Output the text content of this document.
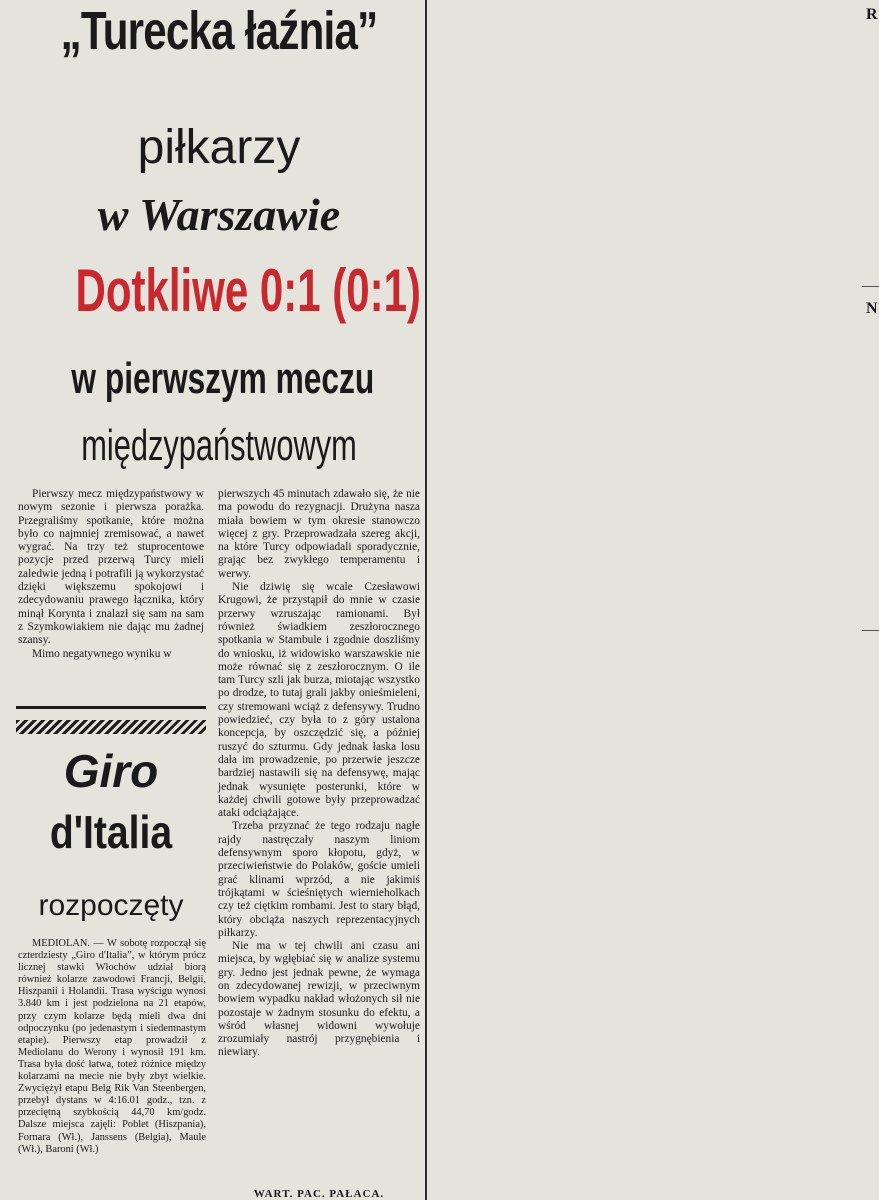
„Turecka łaźnia”
piłkarzy
w Warszawie
Dotkliwe 0:1 (0:1)
w pierwszym meczu
międzypaństwowym

Pierwszy mecz międzypaństwowy w nowym sezonie i pierwsza porażka. Przegraliśmy spotkanie, które można było co najmniej zremisować, a nawet wygrać. Na trzy też stuprocentowe pozycje przed przerwą Turcy mieli zaledwie jedną i potrafili ją wykorzystać dzięki większemu spokojowi i zdecydowaniu prawego łącznika, który minął Korynta i znalazł się sam na sam z Szymkowiakiem nie dając mu żadnej szansy.

Mimo negatywnego wyniku w

pierwszych 45 minutach zdawało się, że nie ma powodu do rezygnacji. Drużyna nasza miała bowiem w tym okresie stanowczo więcej z gry. Przeprowadzała szereg akcji, na które Turcy odpowiadali sporadycznie, grając bez zwykłego temperamentu i werwy.

Nie dziwię się wcale Czesławowi Krugowi, że przystąpił do mnie w czasie przerwy wzruszając ramionami. Był również świadkiem zeszłorocznego spotkania w Stambule i zgodnie doszliśmy do wniosku, iż widowisko warszawskie nie może równać się z zeszłorocznym. O ile tam Turcy szli jak burza, miotając wszystko po drodze, to tutaj grali jakby onieśmieleni, czy stremowani wciąż z defensywy. Trudno powiedzieć, czy była to z góry ustalona koncepcja, by oszczędzić się, a później ruszyć do szturmu. Gdy jednak łaska losu dała im prowadzenie, po przerwie jeszcze bardziej nastawili się na defensywę, mając jednak wysunięte posterunki, które w każdej chwili gotowe były przeprowadzać ataki odciążające.

Trzeba przyznać że tego rodzaju nagłe rajdy nastręczały naszym liniom defensywnym sporo kłopotu, gdyż, w przeciwieństwie do Polaków, goście umieli grać klinami wprzód, a nie jakimiś trójkątami w ścieśniętych wiernieholkach czy też ciętkim rombami. Jest to stary błąd, który obciąża naszych reprezentacyjnych piłkarzy.

Nie ma w tej chwili ani czasu ani miejsca, by wgłębiać się w analize systemu gry. Jedno jest jednak pewne, że wymaga on zdecydowanej rewizji, w przeciwnym bowiem wypadku nakład włożonych sił nie pozostaje w żadnym stosunku do efektu, a wśród własnej widowni wywołuje zrozumiały nastrój przygnębienia i niewiary.

WART. PAC. PAŁACA.
Giro
d'Italia
rozpoczęty

MEDIOLAN. — W sobotę rozpoczął się czterdziesty „Giro d'Italia”, w którym prócz licznej stawki Włochów udział biorą również kolarze zawodowi Francji, Belgii, Hiszpanii i Holandii. Trasa wyścigu wynosi 3.840 km i jest podzielona na 21 etapów, przy czym kolarze będą mieli dwa dni odpoczynku (po jedenastym i siedemnastym etapie). Pierwszy etap prowadził z Mediolanu do Werony i wynosił 191 km. Trasa była dość łatwa, toteż różnice między kolarzami na mecie nie były zbyt wielkie. Zwyciężył etapu Belg Rik Van Steenbergen, przebył dystans w 4:16.01 godz., tzn. z przeciętną szybkością 44,70 km/godz. Dalsze miejsca zajęli: Poblet (Hiszpania), Fornara (Wł.), Janssens (Belgia), Maule (Wł.), Baroni (Wł.)

R
N
